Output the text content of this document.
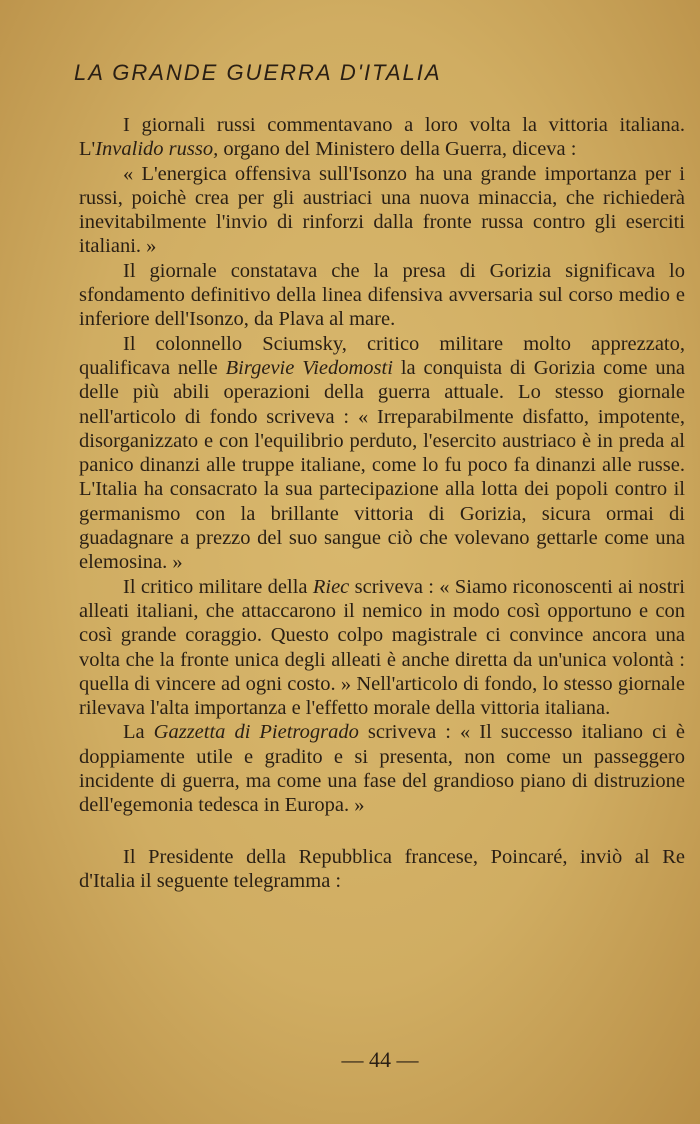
LA GRANDE GUERRA D'ITALIA

I giornali russi commentavano a loro volta la vittoria italiana. L'Invalido russo, organo del Ministero della Guerra, diceva :

« L'energica offensiva sull'Isonzo ha una grande importanza per i russi, poichè crea per gli austriaci una nuova minaccia, che richiederà inevitabilmente l'invio di rinforzi dalla fronte russa contro gli eserciti italiani. »

Il giornale constatava che la presa di Gorizia significava lo sfondamento definitivo della linea difensiva avversaria sul corso medio e inferiore dell'Isonzo, da Plava al mare.

Il colonnello Sciumsky, critico militare molto apprezzato, qualificava nelle Birgevie Viedomosti la conquista di Gorizia come una delle più abili operazioni della guerra attuale. Lo stesso giornale nell'articolo di fondo scriveva : « Irreparabilmente disfatto, impotente, disorganizzato e con l'equilibrio perduto, l'esercito austriaco è in preda al panico dinanzi alle truppe italiane, come lo fu poco fa dinanzi alle russe. L'Italia ha consacrato la sua partecipazione alla lotta dei popoli contro il germanismo con la brillante vittoria di Gorizia, sicura ormai di guadagnare a prezzo del suo sangue ciò che volevano gettarle come una elemosina. »

Il critico militare della Riec scriveva : « Siamo riconoscenti ai nostri alleati italiani, che attaccarono il nemico in modo così opportuno e con così grande coraggio. Questo colpo magistrale ci convince ancora una volta che la fronte unica degli alleati è anche diretta da un'unica volontà : quella di vincere ad ogni costo. » Nell'articolo di fondo, lo stesso giornale rilevava l'alta importanza e l'effetto morale della vittoria italiana.

La Gazzetta di Pietrogrado scriveva : « Il successo italiano ci è doppiamente utile e gradito e si presenta, non come un passeggero incidente di guerra, ma come una fase del grandioso piano di distruzione dell'egemonia tedesca in Europa. »

Il Presidente della Repubblica francese, Poincaré, inviò al Re d'Italia il seguente telegramma :

— 44 —
